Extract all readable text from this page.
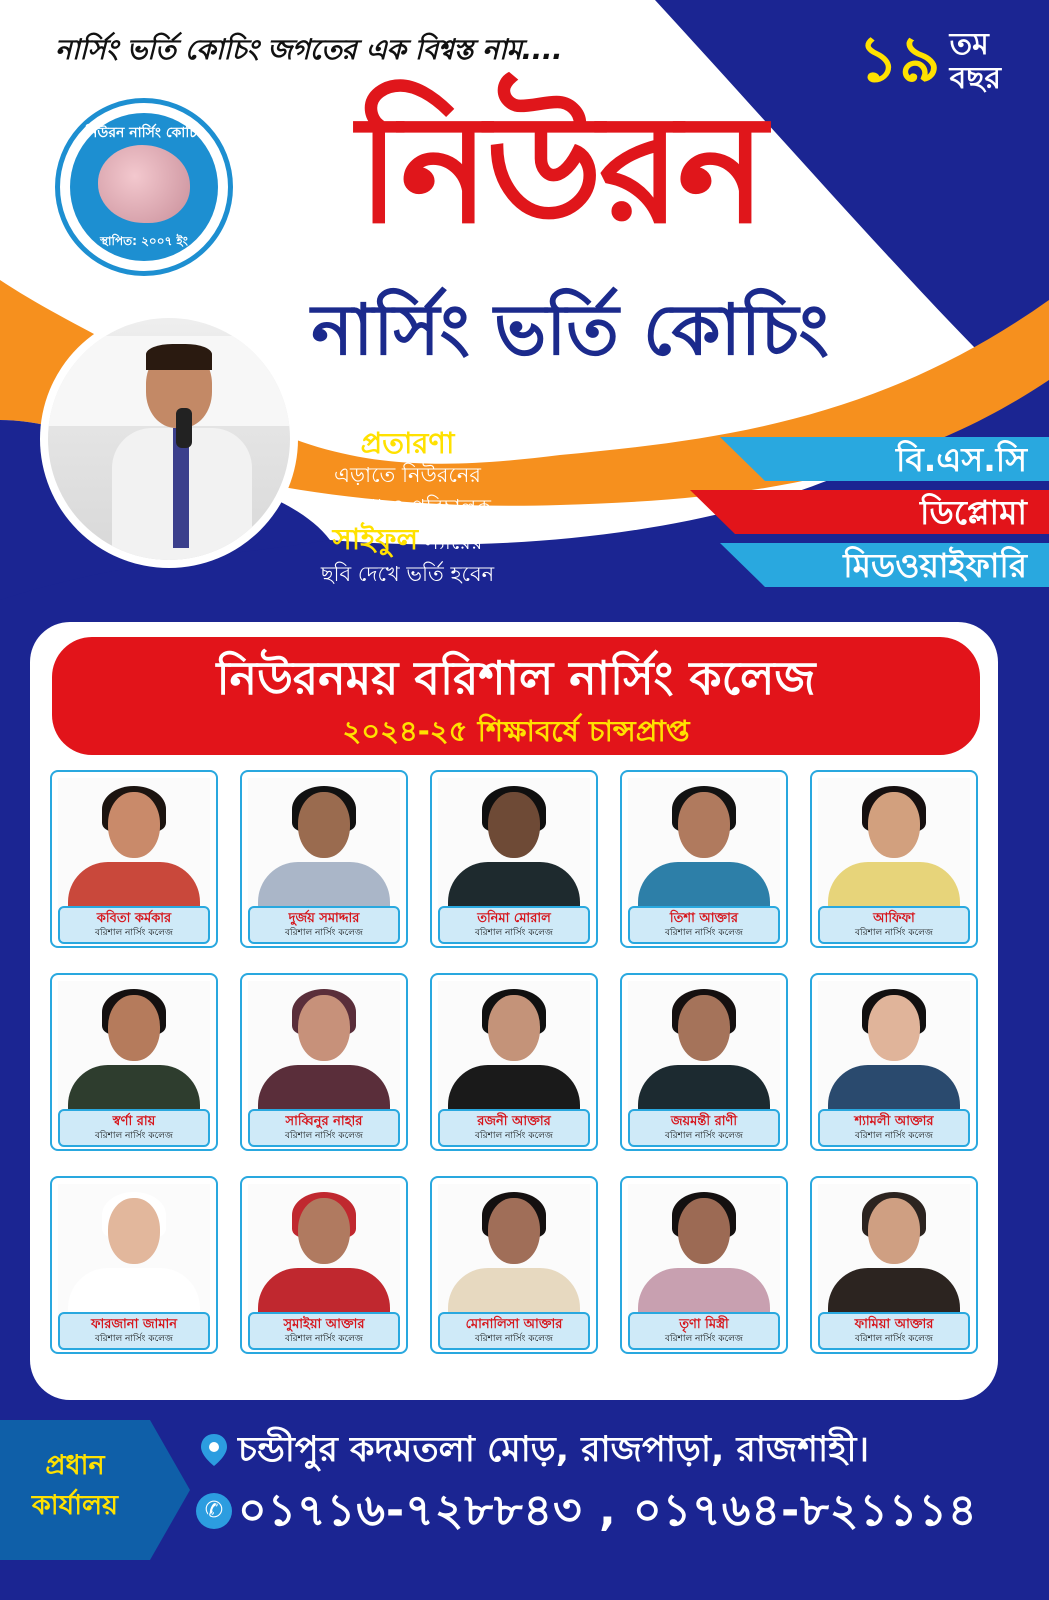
নার্সিং ভর্তি কোচিং জগতের এক বিশ্বস্ত নাম....	১৯ তম
বছর
নিউরন নার্সিং কোচিং
স্থাপিত: ২০০৭ ইং	নিউরন
নার্সিং ভর্তি কোচিং
প্রতারণা
এড়াতে নিউরনের
লোগো ও পরিচালক
সাইফুল স্যারের
ছবি দেখে ভর্তি হবেন
বি.এস.সি
ডিপ্লোমা
মিডওয়াইফারি
নিউরনময় বরিশাল নার্সিং কলেজ
২০২৪-২৫ শিক্ষাবর্ষে চান্সপ্রাপ্ত
কবিতা কর্মকার
বরিশাল নার্সিং কলেজ
দুর্জয় সমাদ্দার
বরিশাল নার্সিং কলেজ
তনিমা মোরাল
বরিশাল নার্সিং কলেজ
তিশা আক্তার
বরিশাল নার্সিং কলেজ
আফিফা
বরিশাল নার্সিং কলেজ
স্বর্ণা রায়
বরিশাল নার্সিং কলেজ
সাব্বিনুর নাহার
বরিশাল নার্সিং কলেজ
রজনী আক্তার
বরিশাল নার্সিং কলেজ
জয়মন্তী রাণী
বরিশাল নার্সিং কলেজ
শ্যামলী আক্তার
বরিশাল নার্সিং কলেজ
ফারজানা জামান
বরিশাল নার্সিং কলেজ
সুমাইয়া আক্তার
বরিশাল নার্সিং কলেজ
মোনালিসা আক্তার
বরিশাল নার্সিং কলেজ
তৃণা মিস্ত্রী
বরিশাল নার্সিং কলেজ
ফামিয়া আক্তার
বরিশাল নার্সিং কলেজ
প্রধান
কার্যালয়
চন্ডীপুর কদমতলা মোড়, রাজপাড়া, রাজশাহী।
✆ ০১৭১৬-৭২৮৮৪৩ , ০১৭৬৪-৮২১১১৪
